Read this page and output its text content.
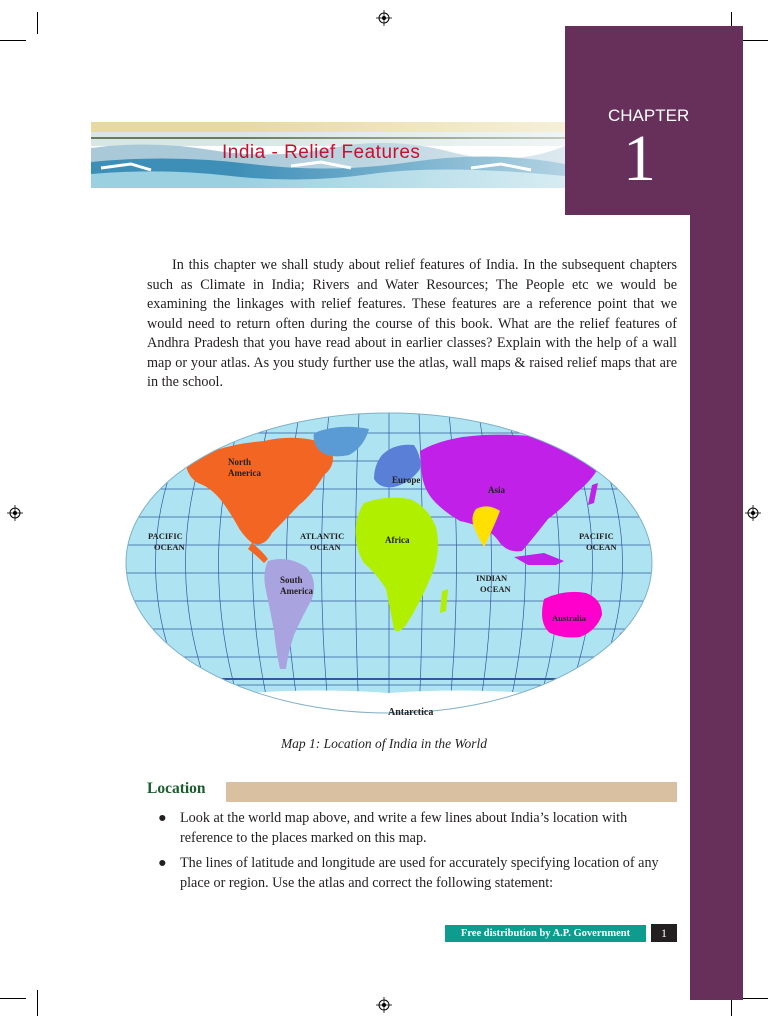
CHAPTER
1
India - Relief Features

In this chapter we shall study about relief features of India. In the subsequent chapters such as Climate in India; Rivers and Water Resources; The People etc we would be examining the linkages with relief features. These features are a reference point that we would need to return often during the course of this book. What are the relief features of Andhra Pradesh that you have read about in earlier classes? Explain with the help of a wall map or your atlas. As you study further use the atlas, wall maps & raised relief maps that are in the school.

North America
Europe
Asia
PACIFIC OCEAN
ATLANTIC OCEAN
Africa	PACIFIC OCEAN
South America
INDIAN OCEAN
Australia
Antarctica
Map 1: Location of India in the World
Location
● Look at the world map above, and write a few lines about India’s location with reference to the places marked on this map.
● The lines of latitude and longitude are used for accurately specifying location of any place or region. Use the atlas and correct the following statement:
Free distribution by A.P. Government	1
